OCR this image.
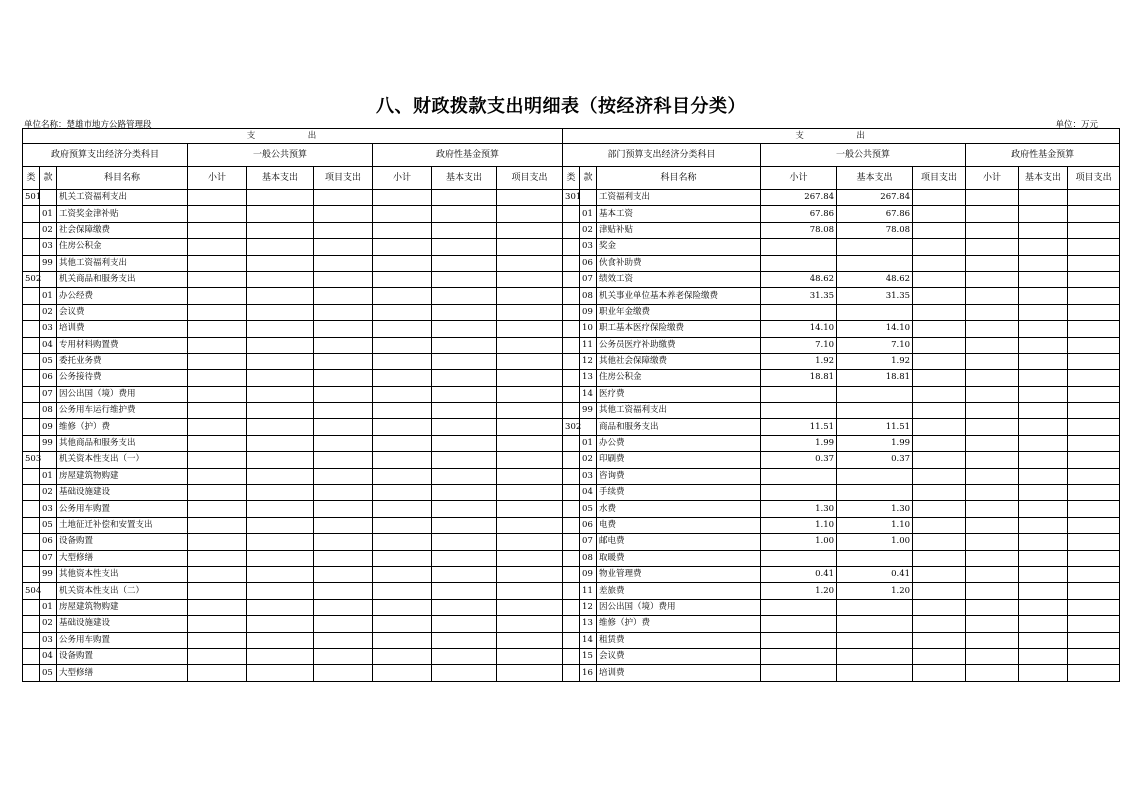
八、财政拨款支出明细表（按经济科目分类）
单位名称：楚雄市地方公路管理段	单位：万元
支　出									支　出								
政府预算支出经济分类科目			一般公共预算			政府性基金预算			部门预算支出经济分类科目			一般公共预算			政府性基金预算		
类	款	科目名称	小计	基本支出	项目支出	小计	基本支出	项目支出	类	款	科目名称	小计	基本支出	项目支出	小计	基本支出	项目支出
501		机关工资福利支出							301		工资福利支出	267.84	267.84				
	01	工资奖金津补贴								01	基本工资	67.86	67.86				
	02	社会保障缴费								02	津贴补贴	78.08	78.08				
	03	住房公积金								03	奖金						
	99	其他工资福利支出								06	伙食补助费						
502		机关商品和服务支出								07	绩效工资	48.62	48.62				
	01	办公经费								08	机关事业单位基本养老保险缴费	31.35	31.35				
	02	会议费								09	职业年金缴费						
	03	培训费								10	职工基本医疗保险缴费	14.10	14.10				
	04	专用材料购置费								11	公务员医疗补助缴费	7.10	7.10				
	05	委托业务费								12	其他社会保障缴费	1.92	1.92				
	06	公务接待费								13	住房公积金	18.81	18.81				
	07	因公出国（境）费用								14	医疗费						
	08	公务用车运行维护费								99	其他工资福利支出						
	09	维修（护）费							302		商品和服务支出	11.51	11.51				
	99	其他商品和服务支出								01	办公费	1.99	1.99				
503		机关资本性支出（一）								02	印刷费	0.37	0.37				
	01	房屋建筑物购建								03	咨询费						
	02	基础设施建设								04	手续费						
	03	公务用车购置								05	水费	1.30	1.30				
	05	土地征迁补偿和安置支出								06	电费	1.10	1.10				
	06	设备购置								07	邮电费	1.00	1.00				
	07	大型修缮								08	取暖费						
	99	其他资本性支出								09	物业管理费	0.41	0.41				
504		机关资本性支出（二）								11	差旅费	1.20	1.20				
	01	房屋建筑物购建								12	因公出国（境）费用						
	02	基础设施建设								13	维修（护）费						
	03	公务用车购置								14	租赁费						
	04	设备购置								15	会议费						
	05	大型修缮								16	培训费						
